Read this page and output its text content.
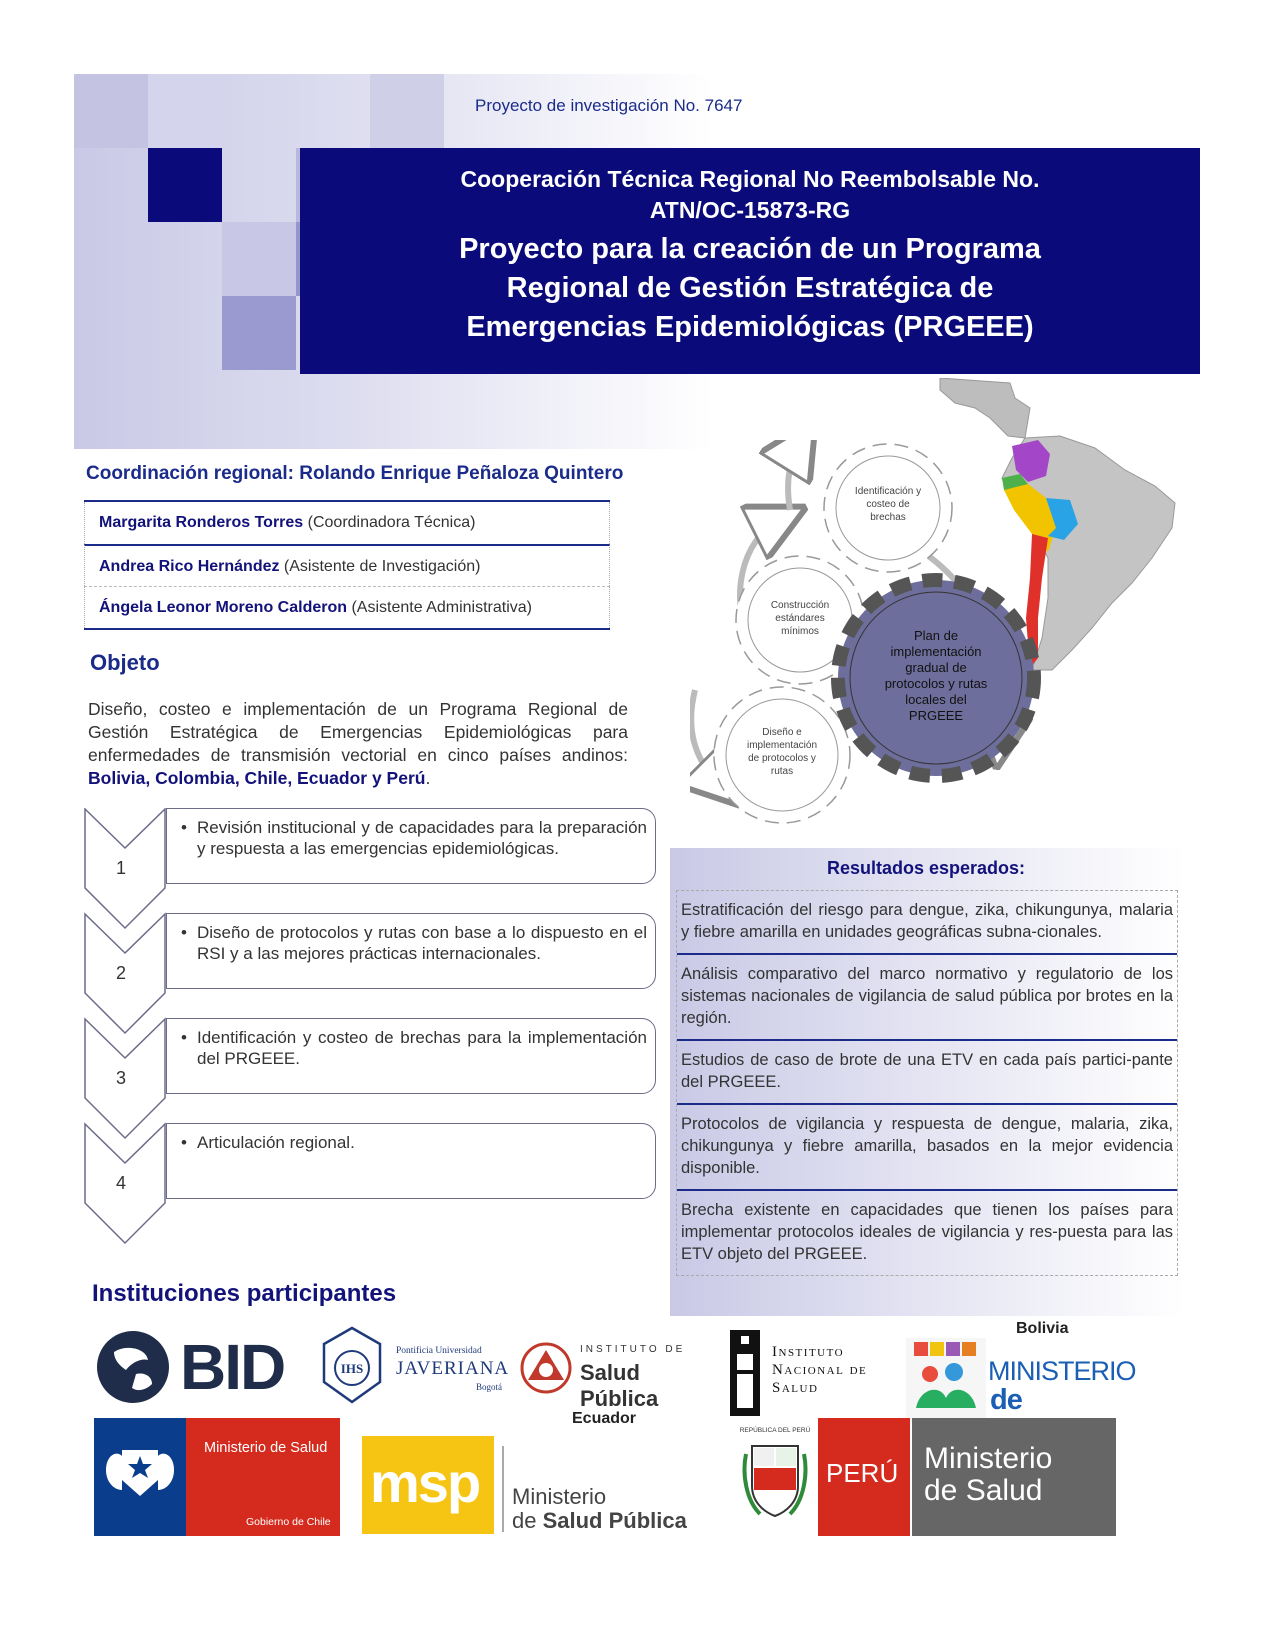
Proyecto de investigación No. 7647
Cooperación Técnica Regional No Reembolsable No.
ATN/OC-15873-RG
Proyecto para la creación de un Programa
Regional de Gestión Estratégica de
Emergencias Epidemiológicas (PRGEEE)
Identificación y
costeo de
brechas
Construcción
estándares
mínimos
Diseño e
implementación
de protocolos y
rutas
Plan de
implementación
gradual de
protocolos y rutas
locales del
PRGEEE
Coordinación regional: Rolando Enrique Peñaloza Quintero
Margarita Ronderos Torres (Coordinadora Técnica)
Andrea Rico Hernández (Asistente de Investigación)
Ángela Leonor Moreno Calderon (Asistente Administrativa)
Objeto
Diseño, costeo e implementación de un Programa Regional de Gestión Estratégica de Emergencias Epidemiológicas para enfermedades de transmisión vectorial en cinco países andinos: Bolivia, Colombia, Chile, Ecuador y Perú.
1
2
3
4
• Revisión institucional y de capacidades para la preparación y respuesta a las emergencias epidemiológicas.
• Diseño de protocolos y rutas con base a lo dispuesto en el RSI y a las mejores prácticas internacionales.
• Identificación y costeo de brechas para la implementación del PRGEEE.
• Articulación regional.
Resultados esperados:
Estratificación del riesgo para dengue, zika, chikungunya, malaria y fiebre amarilla en unidades geográficas subna-cionales.
Análisis comparativo del marco normativo y regulatorio de los sistemas nacionales de vigilancia de salud pública por brotes en la región.
Estudios de caso de brote de una ETV en cada país partici-pante del PRGEEE.
Protocolos de vigilancia y respuesta de dengue, malaria, zika, chikungunya y fiebre amarilla, basados en la mejor evidencia disponible.
Brecha existente en capacidades que tienen los países para implementar protocolos ideales de vigilancia y res-puesta para las ETV objeto del PRGEEE.
Instituciones participantes
BID	IHS
Pontificia Universidad
JAVERIANA
Bogotá
INSTITUTO DE
Salud Pública
Instituto
Nacional de
Salud
Bolivia
MINISTERIO
de
Ministerio de Salud
Gobierno de Chile
Ecuador
msp Ministerio
de Salud Pública
REPÚBLICA DEL PERÚ
PERÚ Ministerio
de Salud
